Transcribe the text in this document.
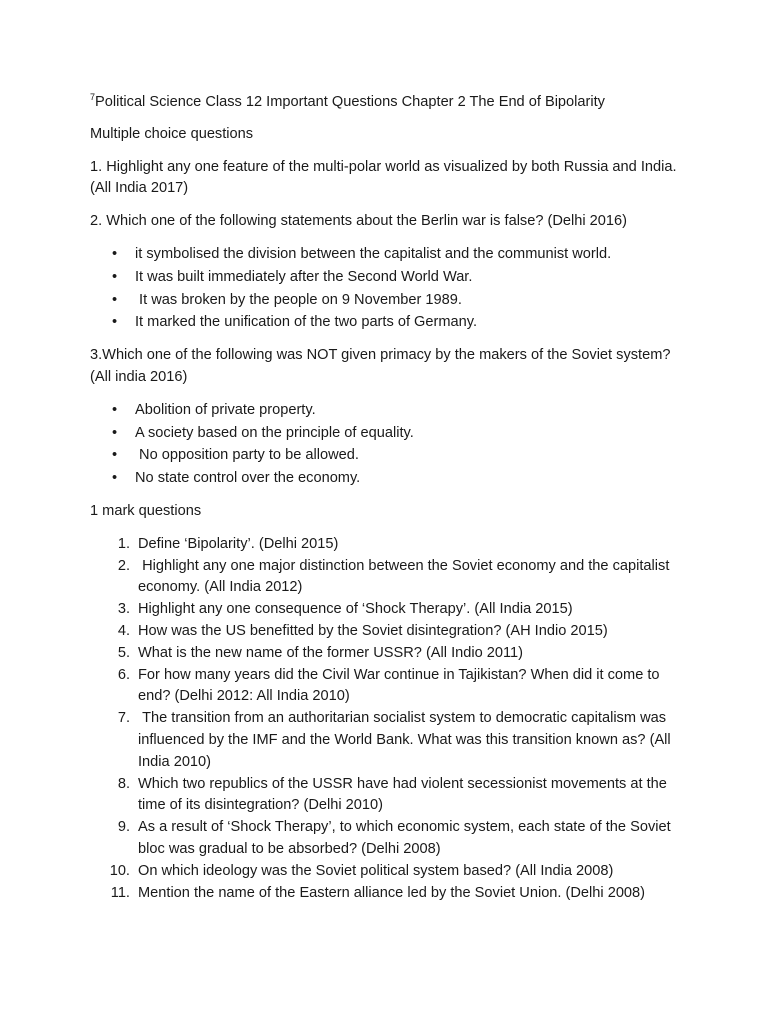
$^7$Political Science Class 12 Important Questions Chapter 2 The End of Bipolarity

Multiple choice questions

1. Highlight any one feature of the multi-polar world as visualized by both Russia and India. (All India 2017)

2. Which one of the following statements about the Berlin war is false? (Delhi 2016)

• it symbolised the division between the capitalist and the communist world.
• It was built immediately after the Second World War.
• It was broken by the people on 9 November 1989.
• It marked the unification of the two parts of Germany.

3.Which one of the following was NOT given primacy by the makers of the Soviet system? (All india 2016)

• Abolition of private property.
• A society based on the principle of equality.
• No opposition party to be allowed.
• No state control over the economy.

1 mark questions

1. Define ‘Bipolarity’. (Delhi 2015)
2. Highlight any one major distinction between the Soviet economy and the capitalist economy. (All India 2012)
3. Highlight any one consequence of ‘Shock Therapy’. (All India 2015)
4. How was the US benefitted by the Soviet disintegration? (AH Indio 2015)
5. What is the new name of the former USSR? (All Indio 2011)
6. For how many years did the Civil War continue in Tajikistan? When did it come to end? (Delhi 2012: All India 2010)
7. The transition from an authoritarian socialist system to democratic capitalism was influenced by the IMF and the World Bank. What was this transition known as? (All India 2010)
8. Which two republics of the USSR have had violent secessionist movements at the time of its disintegration? (Delhi 2010)
9. As a result of ‘Shock Therapy’, to which economic system, each state of the Soviet bloc was gradual to be absorbed? (Delhi 2008)
10. On which ideology was the Soviet political system based? (All India 2008)
11. Mention the name of the Eastern alliance led by the Soviet Union. (Delhi 2008)
